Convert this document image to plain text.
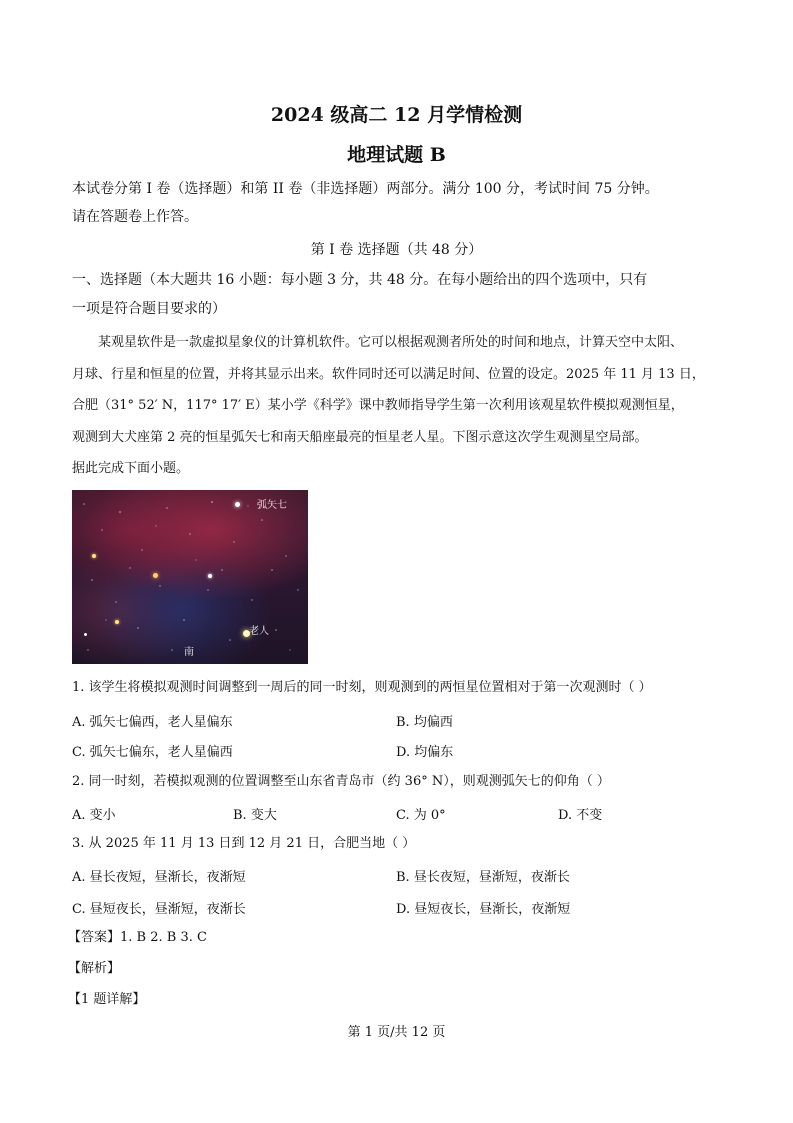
2024 级高二 12 月学情检测
地理试题 B
本试卷分第 I 卷（选择题）和第 II 卷（非选择题）两部分。满分 100 分，考试时间 75 分钟。
请在答题卷上作答。
第 I 卷 选择题（共 48 分）
一、选择题（本大题共 16 小题：每小题 3 分，共 48 分。在每小题给出的四个选项中，只有
一项是符合题目要求的）
某观星软件是一款虚拟星象仪的计算机软件。它可以根据观测者所处的时间和地点，计算天空中太阳、
月球、行星和恒星的位置，并将其显示出来。软件同时还可以满足时间、位置的设定。2025 年 11 月 13 日，
合肥（31° 52′ N，117° 17′ E）某小学《科学》课中教师指导学生第一次利用该观星软件模拟观测恒星，
观测到大犬座第 2 亮的恒星弧矢七和南天船座最亮的恒星老人星。下图示意这次学生观测星空局部。
据此完成下面小题。
弧矢七
老人
南
1. 该学生将模拟观测时间调整到一周后的同一时刻，则观测到的两恒星位置相对于第一次观测时（ ）
A. 弧矢七偏西，老人星偏东	B. 均偏西
C. 弧矢七偏东，老人星偏西	D. 均偏东
2. 同一时刻，若模拟观测的位置调整至山东省青岛市（约 36° N），则观测弧矢七的仰角（ ）
A. 变小	B. 变大	C. 为 0°	D. 不变
3. 从 2025 年 11 月 13 日到 12 月 21 日，合肥当地（ ）
A. 昼长夜短，昼渐长，夜渐短	B. 昼长夜短，昼渐短，夜渐长
C. 昼短夜长，昼渐短，夜渐长	D. 昼短夜长，昼渐长，夜渐短
【答案】1. B 2. B 3. C
【解析】
【1 题详解】
第 1 页/共 12 页
